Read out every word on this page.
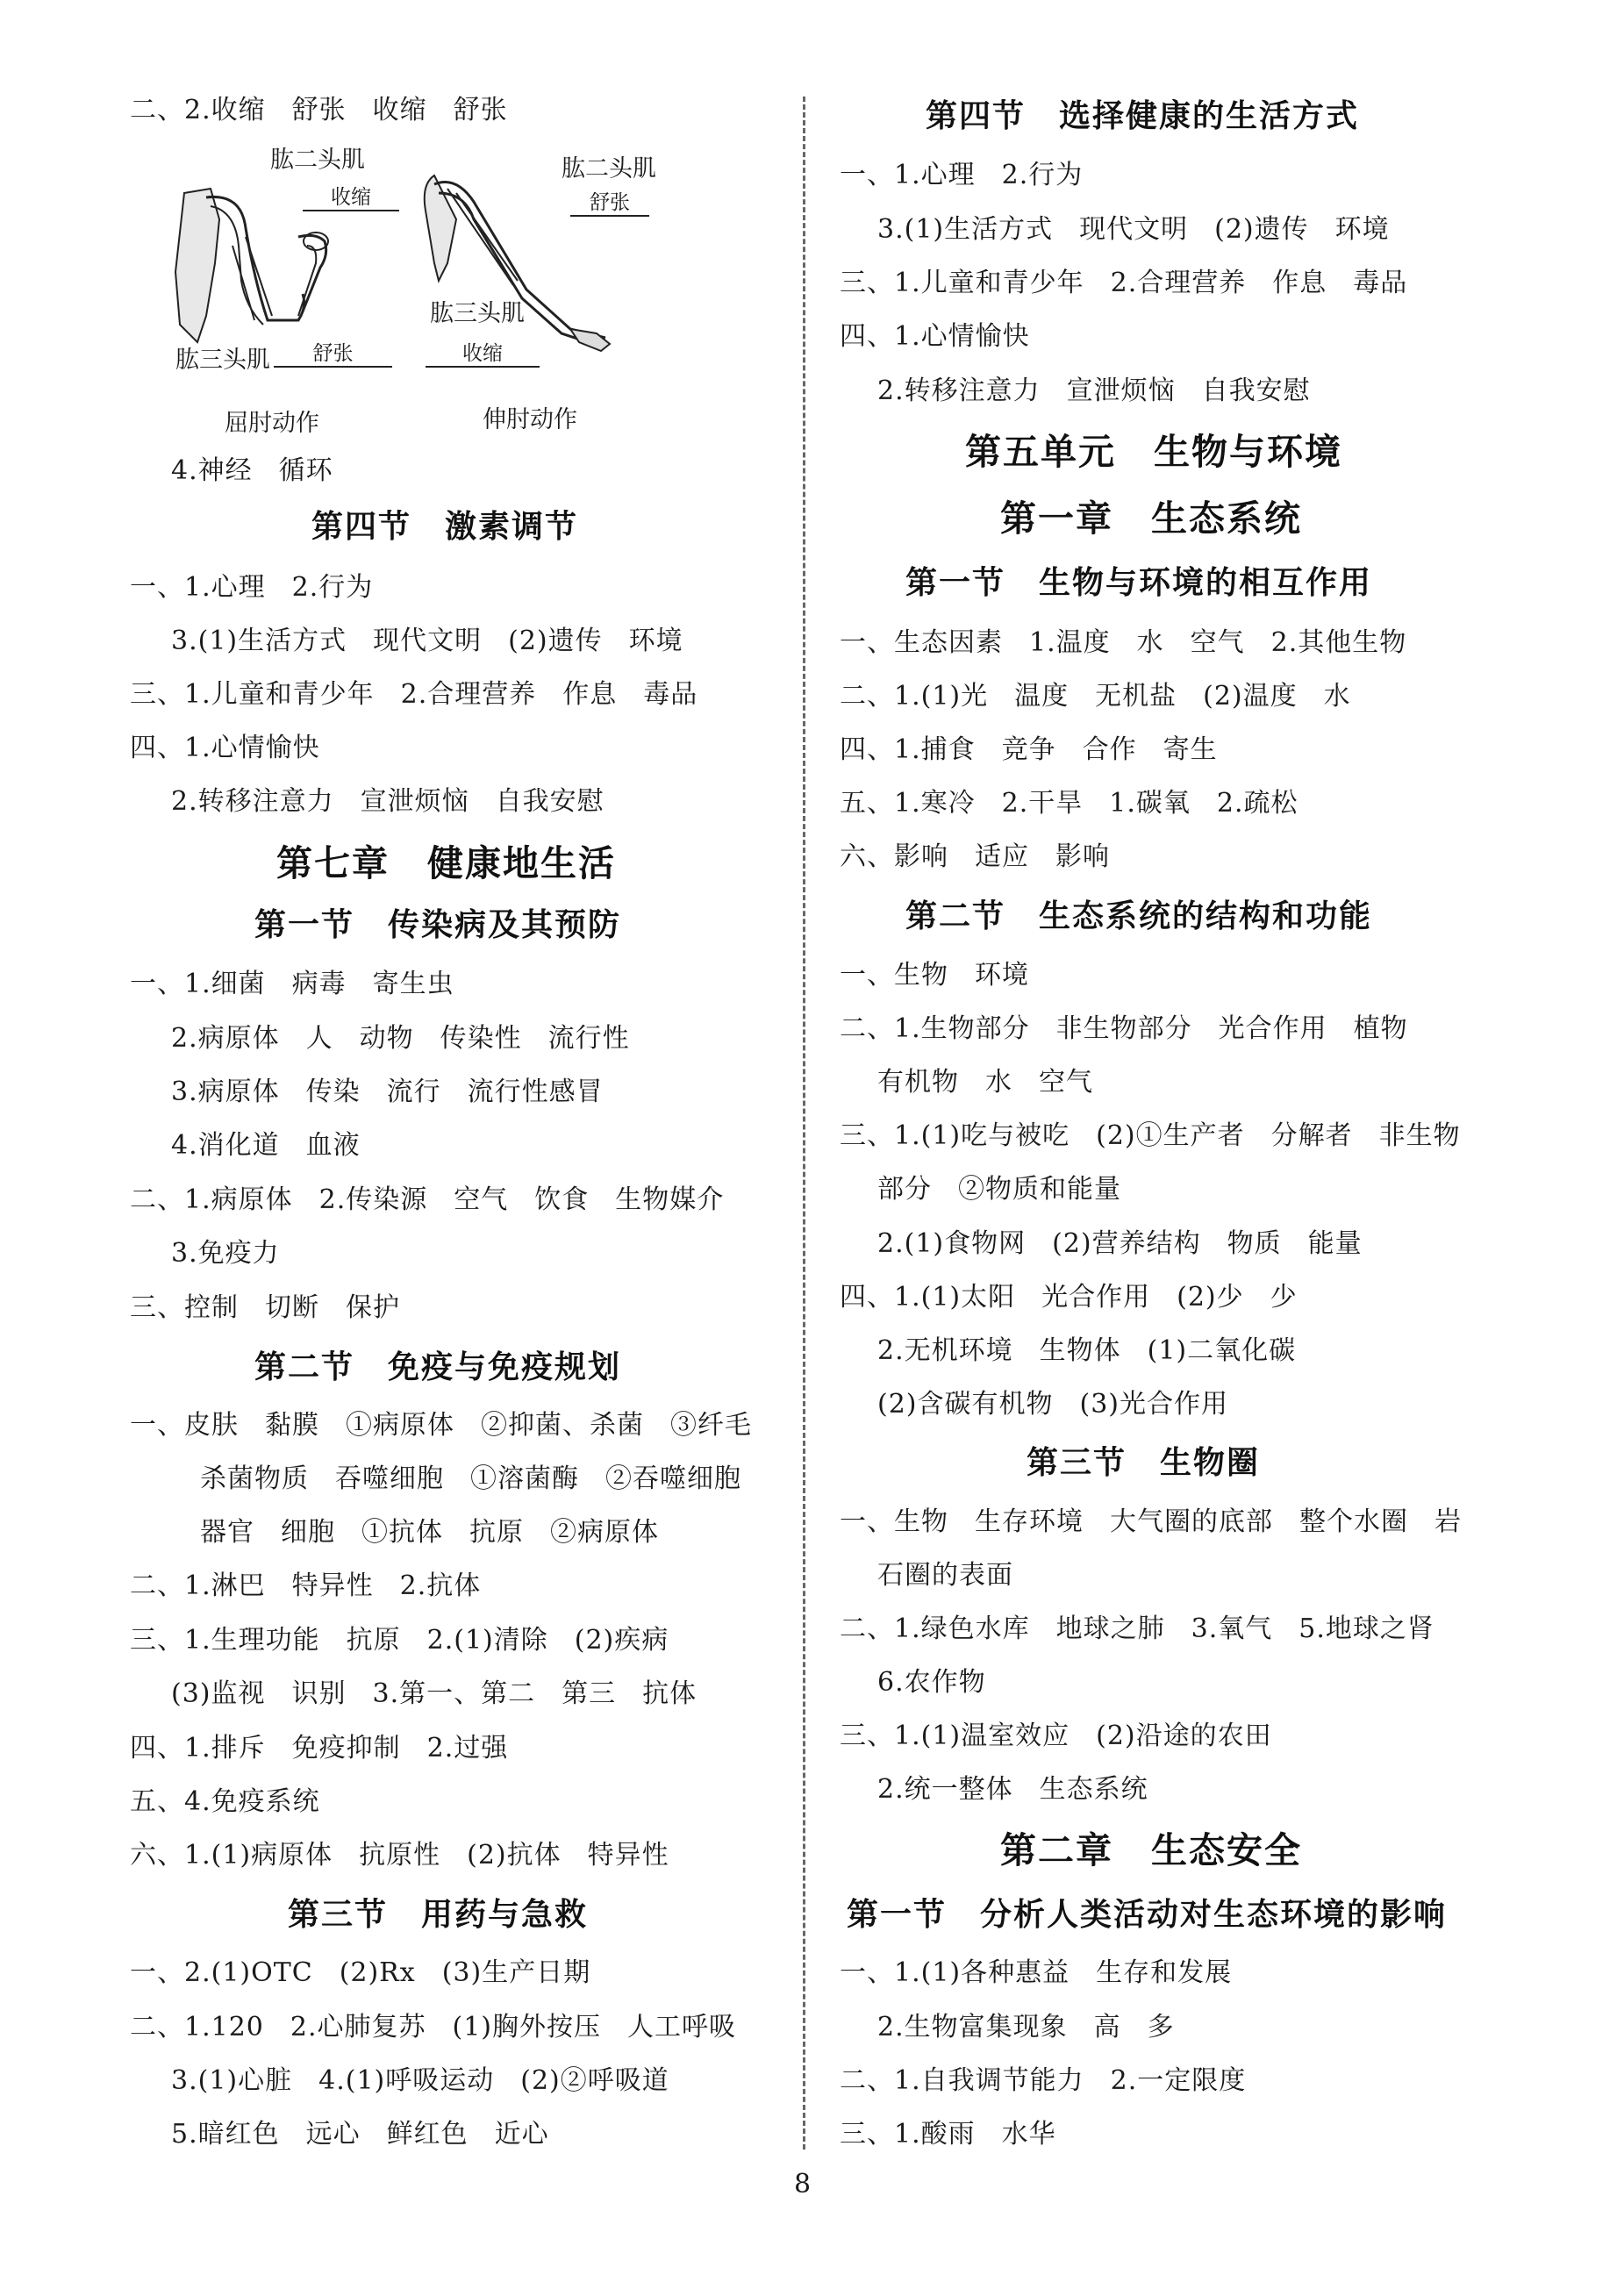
二、2.收缩 舒张 收缩 舒张
肱二头肌
收缩
肱三头肌	舒张
屈肘动作
肱二头肌
舒张
肱三头肌
收缩
伸肘动作
4.神经 循环
第四节　激素调节
一、1.心理 2.行为
3.(1)生活方式 现代文明 (2)遗传 环境
三、1.儿童和青少年 2.合理营养 作息 毒品
四、1.心情愉快
2.转移注意力 宣泄烦恼 自我安慰
第七章　健康地生活
第一节　传染病及其预防
一、1.细菌 病毒 寄生虫
2.病原体 人 动物 传染性 流行性
3.病原体 传染 流行 流行性感冒
4.消化道 血液
二、1.病原体 2.传染源 空气 饮食 生物媒介
3.免疫力
三、控制 切断 保护
第二节　免疫与免疫规划
一、皮肤 黏膜 ①病原体 ②抑菌、杀菌 ③纤毛
杀菌物质 吞噬细胞 ①溶菌酶 ②吞噬细胞
器官 细胞 ①抗体 抗原 ②病原体
二、1.淋巴 特异性 2.抗体
三、1.生理功能 抗原 2.(1)清除 (2)疾病
(3)监视 识别 3.第一、第二 第三 抗体
四、1.排斥 免疫抑制 2.过强
五、4.免疫系统
六、1.(1)病原体 抗原性 (2)抗体 特异性
第三节　用药与急救
一、2.(1)OTC (2)Rx (3)生产日期
二、1.120 2.心肺复苏 (1)胸外按压 人工呼吸
3.(1)心脏 4.(1)呼吸运动 (2)②呼吸道
5.暗红色 远心 鲜红色 近心
第四节　选择健康的生活方式
一、1.心理 2.行为
3.(1)生活方式 现代文明 (2)遗传 环境
三、1.儿童和青少年 2.合理营养 作息 毒品
四、1.心情愉快
2.转移注意力 宣泄烦恼 自我安慰
第五单元　生物与环境
第一章　生态系统
第一节　生物与环境的相互作用
一、生态因素 1.温度 水 空气 2.其他生物
二、1.(1)光 温度 无机盐 (2)温度 水
四、1.捕食 竞争 合作 寄生
五、1.寒冷 2.干旱 1.碳氧 2.疏松
六、影响 适应 影响
第二节　生态系统的结构和功能
一、生物 环境
二、1.生物部分 非生物部分 光合作用 植物
有机物 水 空气
三、1.(1)吃与被吃 (2)①生产者 分解者 非生物
部分 ②物质和能量
2.(1)食物网 (2)营养结构 物质 能量
四、1.(1)太阳 光合作用 (2)少 少
2.无机环境 生物体 (1)二氧化碳
(2)含碳有机物 (3)光合作用
第三节　生物圈
一、生物 生存环境 大气圈的底部 整个水圈 岩
石圈的表面
二、1.绿色水库 地球之肺 3.氧气 5.地球之肾
6.农作物
三、1.(1)温室效应 (2)沿途的农田
2.统一整体 生态系统
第二章　生态安全
第一节　分析人类活动对生态环境的影响
一、1.(1)各种惠益 生存和发展
2.生物富集现象 高 多
二、1.自我调节能力 2.一定限度
三、1.酸雨 水华
8
